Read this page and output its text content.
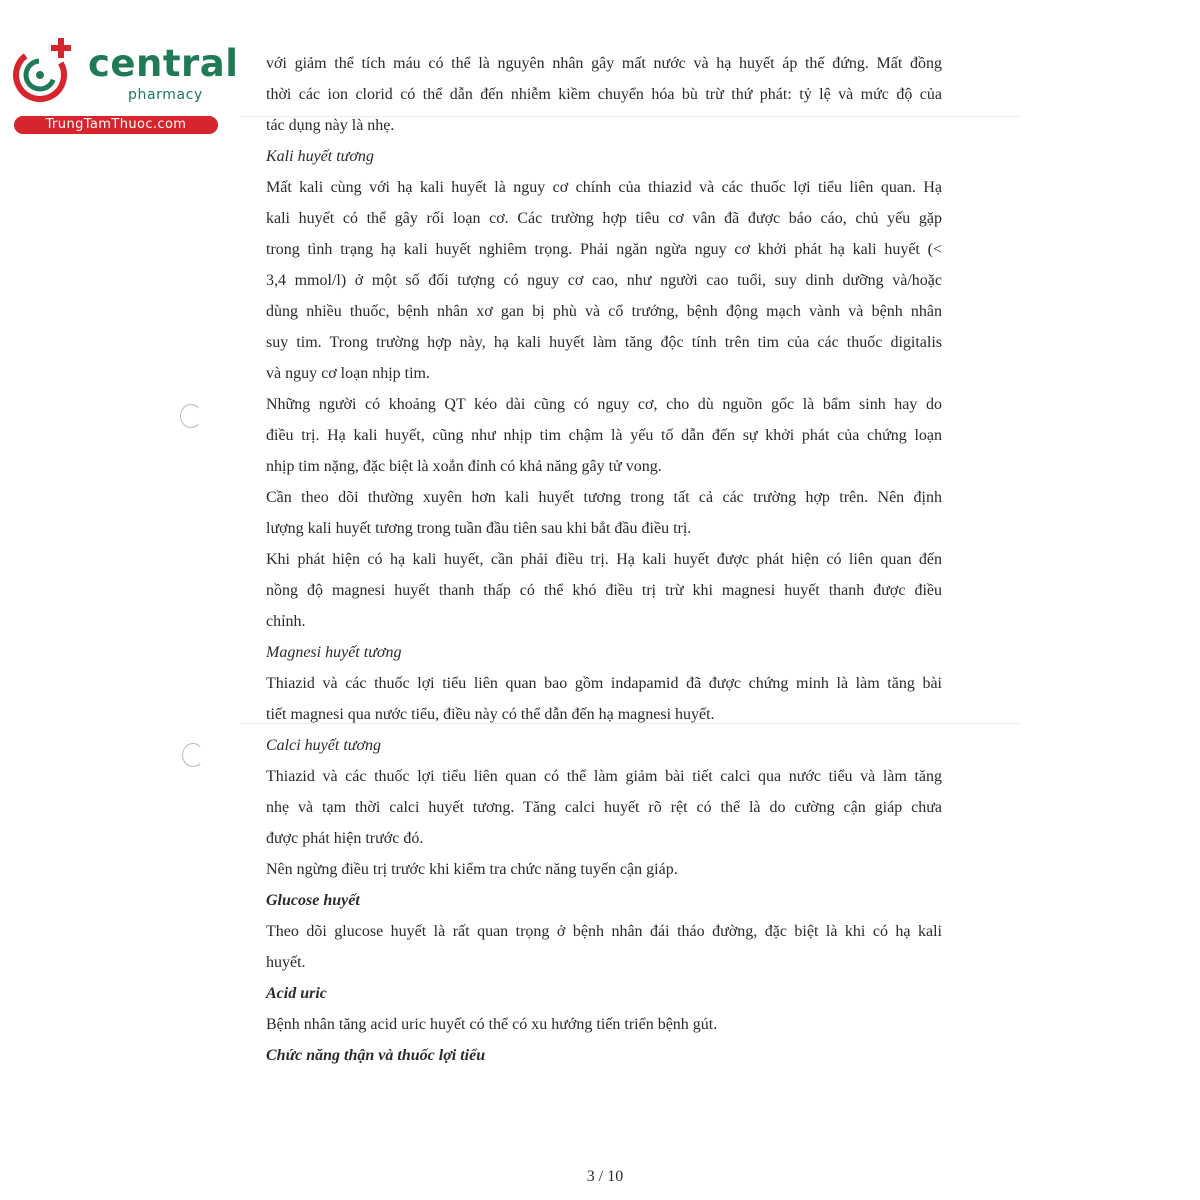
central
pharmacy
TrungTamThuoc.com
với giảm thể tích máu có thể là nguyên nhân gây mất nước và hạ huyết áp thế đứng. Mất đồng
thời các ion clorid có thể dẫn đến nhiễm kiềm chuyển hóa bù trừ thứ phát: tỷ lệ và mức độ của
tác dụng này là nhẹ.
Kali huyết tương
Mất kali cùng với hạ kali huyết là nguy cơ chính của thiazid và các thuốc lợi tiểu liên quan. Hạ
kali huyết có thể gây rối loạn cơ. Các trường hợp tiêu cơ vân đã được báo cáo, chủ yếu gặp
trong tình trạng hạ kali huyết nghiêm trọng. Phải ngăn ngừa nguy cơ khởi phát hạ kali huyết (<
3,4 mmol/l) ở một số đối tượng có nguy cơ cao, như người cao tuổi, suy dinh dưỡng và/hoặc
dùng nhiều thuốc, bệnh nhân xơ gan bị phù và cổ trướng, bệnh động mạch vành và bệnh nhân
suy tim. Trong trường hợp này, hạ kali huyết làm tăng độc tính trên tim của các thuốc digitalis
và nguy cơ loạn nhịp tim.
Những người có khoảng QT kéo dài cũng có nguy cơ, cho dù nguồn gốc là bẩm sinh hay do
điều trị. Hạ kali huyết, cũng như nhịp tim chậm là yếu tố dẫn đến sự khởi phát của chứng loạn
nhịp tim nặng, đặc biệt là xoắn đỉnh có khả năng gây tử vong.
Cần theo dõi thường xuyên hơn kali huyết tương trong tất cả các trường hợp trên. Nên định
lượng kali huyết tương trong tuần đầu tiên sau khi bắt đầu điều trị.
Khi phát hiện có hạ kali huyết, cần phải điều trị. Hạ kali huyết được phát hiện có liên quan đến
nồng độ magnesi huyết thanh thấp có thể khó điều trị trừ khi magnesi huyết thanh được điều
chỉnh.
Magnesi huyết tương
Thiazid và các thuốc lợi tiểu liên quan bao gồm indapamid đã được chứng minh là làm tăng bài
tiết magnesi qua nước tiểu, điều này có thể dẫn đến hạ magnesi huyết.
Calci huyết tương
Thiazid và các thuốc lợi tiểu liên quan có thể làm giảm bài tiết calci qua nước tiểu và làm tăng
nhẹ và tạm thời calci huyết tương. Tăng calci huyết rõ rệt có thể là do cường cận giáp chưa
được phát hiện trước đó.
Nên ngừng điều trị trước khi kiểm tra chức năng tuyến cận giáp.
Glucose huyết
Theo dõi glucose huyết là rất quan trọng ở bệnh nhân đái tháo đường, đặc biệt là khi có hạ kali
huyết.
Acid uric
Bệnh nhân tăng acid uric huyết có thể có xu hướng tiến triển bệnh gút.
Chức năng thận và thuốc lợi tiểu
3 / 10
